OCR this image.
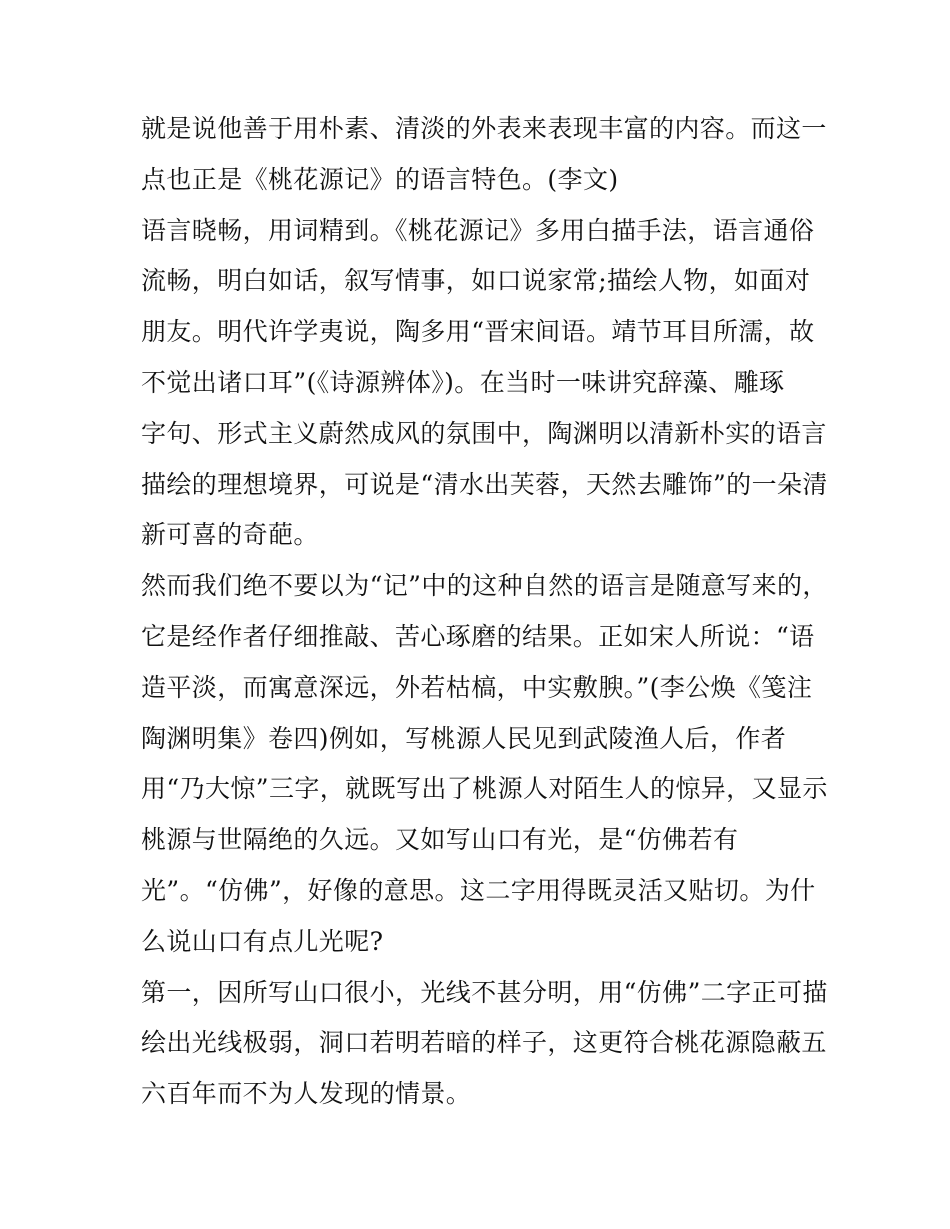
就是说他善于用朴素、清淡的外表来表现丰富的内容。而这一
点也正是《桃花源记》的语言特色。(李文)
语言晓畅，用词精到。《桃花源记》多用白描手法，语言通俗
流畅，明白如话，叙写情事，如口说家常;描绘人物，如面对
朋友。明代许学夷说，陶多用“晋宋间语。靖节耳目所濡，故
不觉出诸口耳”(《诗源辨体》)。在当时一味讲究辞藻、雕琢
字句、形式主义蔚然成风的氛围中，陶渊明以清新朴实的语言
描绘的理想境界，可说是“清水出芙蓉，天然去雕饰”的一朵清
新可喜的奇葩。
然而我们绝不要以为“记”中的这种自然的语言是随意写来的，
它是经作者仔细推敲、苦心琢磨的结果。正如宋人所说：“语
造平淡，而寓意深远，外若枯槁，中实敷腴。”(李公焕《笺注
陶渊明集》卷四)例如，写桃源人民见到武陵渔人后，作者
用“乃大惊”三字，就既写出了桃源人对陌生人的惊异，又显示
桃源与世隔绝的久远。又如写山口有光，是“仿佛若有
光”。“仿佛”，好像的意思。这二字用得既灵活又贴切。为什
么说山口有点儿光呢?
第一，因所写山口很小，光线不甚分明，用“仿佛”二字正可描
绘出光线极弱，洞口若明若暗的样子，这更符合桃花源隐蔽五
六百年而不为人发现的情景。
